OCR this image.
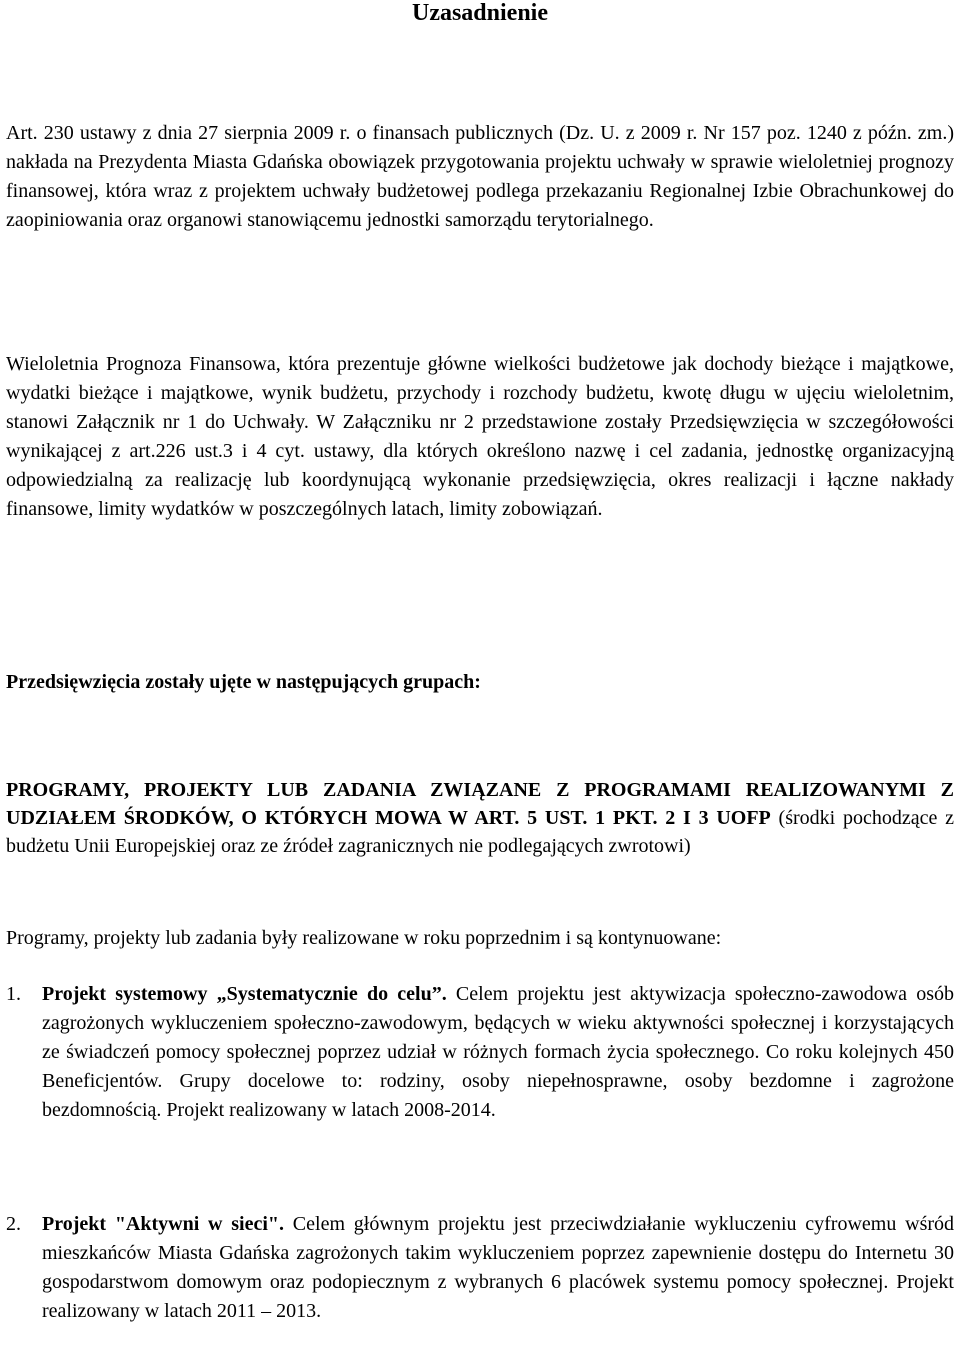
Uzasadnienie
Art. 230 ustawy z dnia 27 sierpnia 2009 r. o finansach publicznych (Dz. U. z 2009 r. Nr 157 poz. 1240 z późn. zm.) nakłada na Prezydenta Miasta Gdańska obowiązek przygotowania projektu uchwały w sprawie wieloletniej prognozy finansowej, która wraz z projektem uchwały budżetowej podlega przekazaniu Regionalnej Izbie Obrachunkowej do zaopiniowania oraz organowi stanowiącemu jednostki samorządu terytorialnego.
Wieloletnia Prognoza Finansowa, która prezentuje główne wielkości budżetowe jak dochody bieżące i majątkowe, wydatki bieżące i majątkowe, wynik budżetu, przychody i rozchody budżetu, kwotę długu w ujęciu wieloletnim, stanowi Załącznik nr 1 do Uchwały. W Załączniku nr 2 przedstawione zostały Przedsięwzięcia w szczegółowości wynikającej z art.226 ust.3 i 4 cyt. ustawy, dla których określono nazwę i cel zadania, jednostkę organizacyjną odpowiedzialną za realizację lub koordynującą wykonanie przedsięwzięcia, okres realizacji i łączne nakłady finansowe, limity wydatków w poszczególnych latach, limity zobowiązań.
Przedsięwzięcia zostały ujęte w następujących grupach:
PROGRAMY, PROJEKTY LUB ZADANIA ZWIĄZANE Z PROGRAMAMI REALIZOWANYMI Z UDZIAŁEM ŚRODKÓW, O KTÓRYCH MOWA W ART. 5 UST. 1 PKT. 2 I 3 UOFP (środki pochodzące z budżetu Unii Europejskiej oraz ze źródeł zagranicznych nie podlegających zwrotowi)
Programy, projekty lub zadania były realizowane w roku poprzednim i są kontynuowane:
1. Projekt systemowy „Systematycznie do celu”. Celem projektu jest aktywizacja społeczno-zawodowa osób zagrożonych wykluczeniem społeczno-zawodowym, będących w wieku aktywności społecznej i korzystających ze świadczeń pomocy społecznej poprzez udział w różnych formach życia społecznego. Co roku kolejnych 450 Beneficjentów. Grupy docelowe to: rodziny, osoby niepełnosprawne, osoby bezdomne i zagrożone bezdomnością. Projekt realizowany w latach 2008-2014.
2. Projekt "Aktywni w sieci". Celem głównym projektu jest przeciwdziałanie wykluczeniu cyfrowemu wśród mieszkańców Miasta Gdańska zagrożonych takim wykluczeniem poprzez zapewnienie dostępu do Internetu 30 gospodarstwom domowym oraz podopiecznym z wybranych 6 placówek systemu pomocy społecznej. Projekt realizowany w latach 2011 – 2013.
